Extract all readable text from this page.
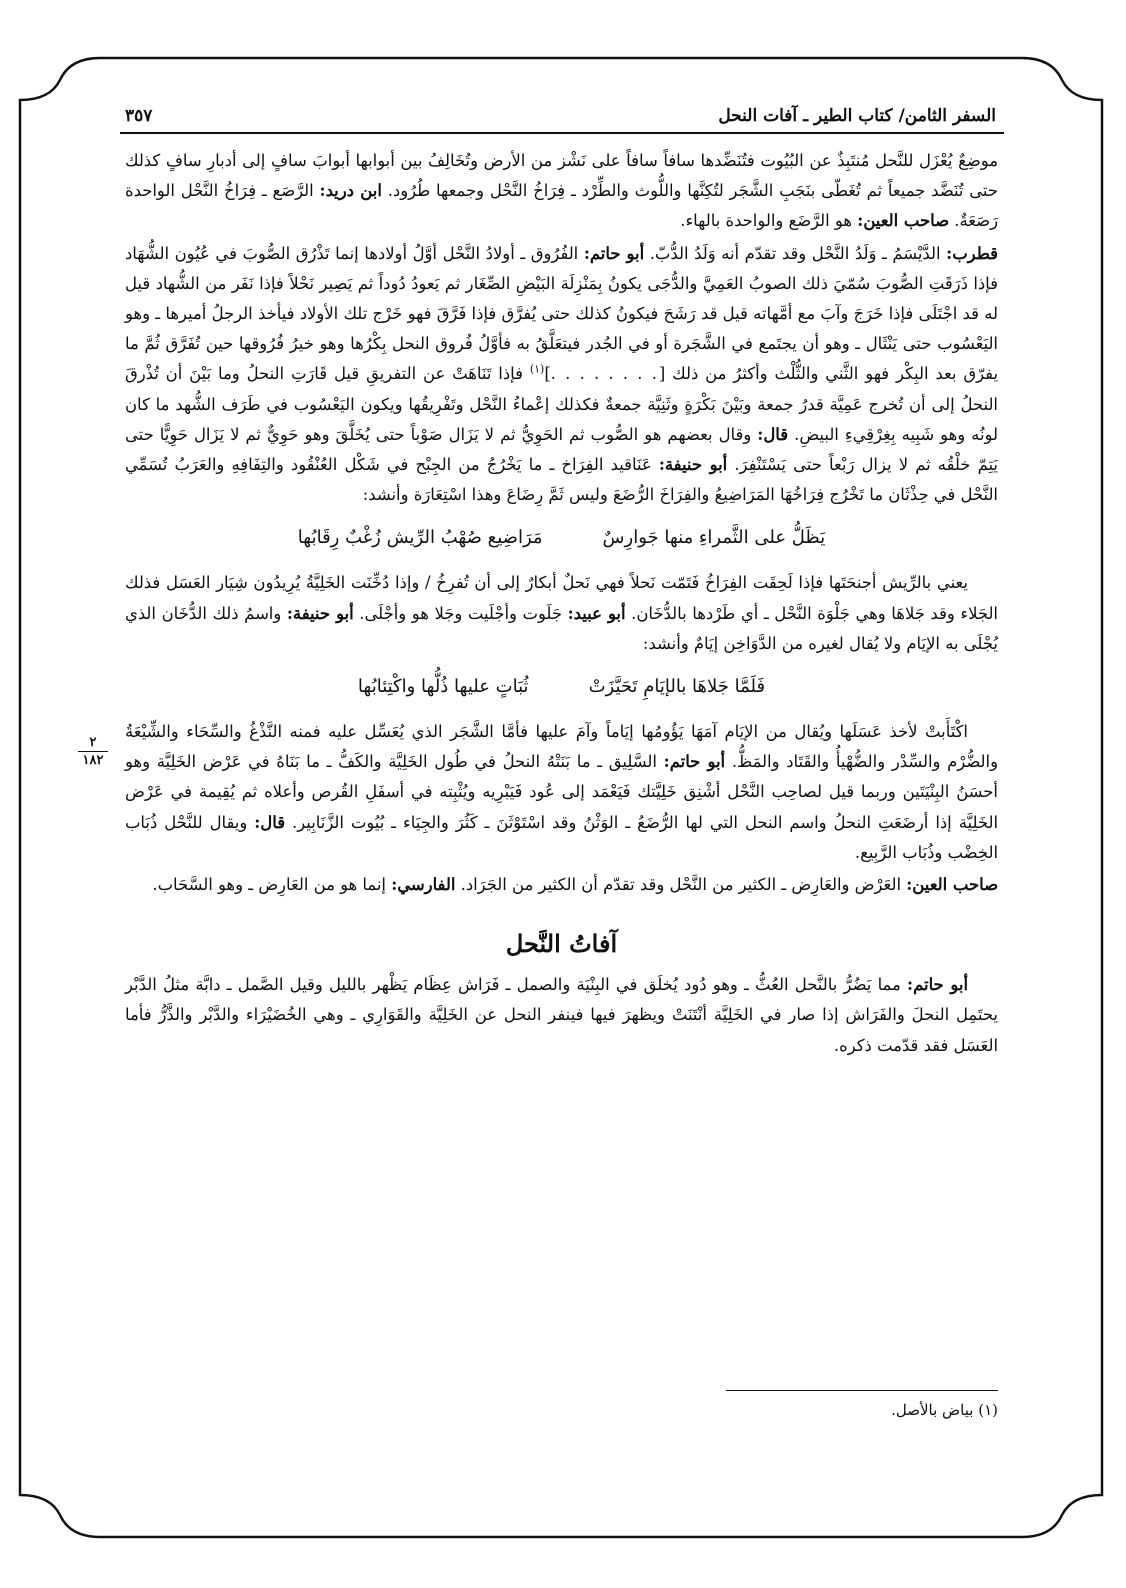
السفر الثامن/ كتاب الطير ـ آفات النحل
٣٥٧
٢
١٨٢

موضِعٌ يُعْزَل للنَّحل مُنتَبِذٌ عن البُيُوت فتُنَضِّدها سافاً سافاً على نَشْز من الأرض وتُخَالِفُ بين أبوابها أبوابَ سافٍ إلى أدبارِ سافٍ كذلك حتى تُنَضَّد جميعاً ثم تُغَطّى بنَجَبِ الشَّجَر لتُكِنَّها واللُّوث والطِّرْد ـ فِرَاخُ النَّحْل وجمعها طُرُود. ابن دريد: الرَّصَع ـ فِرَاخُ النَّحْل الواحدة رَصَعَةٌ. صاحب العين: هو الرَّضَع والواحدة بالهاء.

قطرب: الدَّيْسَمُ ـ وَلَدُ النَّحْل وقد تقدّم أنه وَلَدُ الدُّبّ. أبو حاتم: الفُرُوق ـ أولادُ النَّحْل أوَّلُ أولادها إنما تَذْرُق الصُّوبَ في عُيُون الشُّهَاد فإذا ذَرَقَتِ الصُّوبَ سُمّيَ ذلك الصوبُ العَمِيَّ والدُّجَى يكونُ بِمَنْزِلَة البَيْضِ الصِّغَار ثم يَعودُ دُوداً ثم يَصِير نَحْلاً فإذا نَفَر من الشُّهاد قيل له قد اجْتَلَى فإذا خَرَجَ وآبَ مع أمَّهاته قيل قد رَشَحَ فيكونُ كذلك حتى يُفرَّق فإذا فَرَّقَ فهو خَرْج تلك الأولاد فيأخذ الرجلُ أميرها ـ وهو اليَعْسُوب حتى يَنْثَال ـ وهو أن يجتَمع في الشَّجَرة أو في الجُدر فيتعَلَّقُ به فأوَّلُ فُروق النحل بِكْرُها وهو خيرُ فُرُوقها حين تُفَرَّق ثُمَّ ما يفرّق بعد البِكْر فهو الثَّني والثُّلْث وأكثرُ من ذلك [. . . . . . . .]$^{(١)}$ فإذا تَنَاهَتْ عن التفريقِ قيل قَارَتِ النحلُ وما بَيْنَ أن تُذْرقَ النحلُ إلى أن تُخرج عَمِيَّة قدرُ جمعة وبَيْنَ بَكْرَةٍ وثَنِيَّة جمعةٌ فكذلك إعْماءُ النَّحْل وتَفْرِيقُها ويكون اليَعْسُوب في طَرَف الشُّهد ما كان لونُه وهو شَبِيه بِغِرْقِيءِ البيضِ. قال: وقال بعضهم هو الصُّوب ثم الحَوِيُّ ثم لا يَزَال صَوْباً حتى يُخَلَّقَ وهو حَوِيٌّ ثم لا يَزَال حَوِيًّا حتى يَتِمّ خلْقُه ثم لا يزال رَبْعاً حتى يَسْتَنْفِرَ. أبو حنيفة: عَنَاقيد الفِرَاخ ـ ما يَخْرُجُ من الجِبْح في شَكْل العُنْقُود والتِفَافِهِ والعَرَبُ تُسَمِّي النَّحْل في حِذْثَان ما تَخْرُج فِرَاخُهَا المَرَاضِيعُ والفِرَاخَ الرُّضَعَ وليس ثَمَّ رِضَاعَ وهذا اسْتِعَارَة وأنشد:

يَظَلُّ على الثَّمراءِ منها جَوارِسٌ
مَرَاضِيع صُهْبُ الرِّيش زُغْبٌ رِقَابُها

يعني بالرِّيش أجنحَتَها فإذا لَحِقَت الفِرَاخُ فَتَمّت نَحلاً فهي نَحلٌ أبكارٌ إلى أن تُفرِخُ / وإذا دُخِّنَت الخَلِيَّةُ يُرِيدُون شِيَار العَسَل فذلك الجَلاء وقد جَلاهَا وهي جَلْوَة النَّحْل ـ أي طَرْدها بالدُّخَان. أبو عبيد: جَلَوت وأجْلَيت وجَلا هو وأجْلَى. أبو حنيفة: واسمُ ذلك الدُّخَان الذي يُجْلَى به الإيَام ولا يُقال لغيره من الدَّوَاخِن إيَامٌ وأنشد:

فَلَمَّا جَلاهَا بالإيَامِ تَحَيَّزَتْ
ثُبَاتٍ عليها ذُلُّها واكْتِئابُها

اكْتَأَبتْ لأخذ عَسَلَها ويُقال من الإيَام آمَهَا يَؤُومُها إيَاماً وآمَ عليها فأمَّا الشَّجَر الذي يُعَسِّل عليه فمنه النَّذْغُ والسِّحَاء والشِّيْعَةُ والضُّرْم والسِّدْر والضُّهْيأُ والقَتَاد والمَظُّ. أبو حاتم: السَّلِيق ـ ما بَنَتْهُ النحلُ في طُول الخَلِيَّة والكَفُّ ـ ما بَنَاهُ في عَرْض الخَلِيَّة وهو أحسَنُ البِنْيَتَين وربما قيل لصاحِب النَّحْل أشْنِق خَلِيَّتك فَيَعْمَد إلى عُود فَيَبْرِيه ويُثْبِته في أسفَلِ القُرص وأعلاه ثم يُقِيمة في عَرْض الخَلِيَّة إذا أرضَعَتِ النحلُ واسم النحل التي لها الرُّضَعُ ـ الوَثْنُ وقد اسْتَوْثَنَ ـ كَثُرَ والجِيَاء ـ بُيُوت الزَّنَابِير. قال: ويقال للنَّحْل ذُبَاب الخِضْب وذُبَاب الرَّبِيع.

صاحب العين: العَرْض والعَارِض ـ الكثير من النَّحْل وقد تقدّم أن الكثير من الجَرَاد. الفارسي: إنما هو من العَارِض ـ وهو السَّحَاب.

آفاتُ النَّحل

أبو حاتم: مما يَضُرُّ بالنَّحل العُثُّ ـ وهو دُود يُخلَق في البِنْيَة والصمل ـ فَرَاش عِظَام يَظْهر بالليل وقيل الصَّمل ـ دابَّة مثلُ الدَّبْر يحتَمِل النحلَ والفَرَاش إذا صار في الخَلِيَّة أنْتَنَتْ ويظهرَ فيها فينفر النحل عن الخَلِيَّة والقَوَارِي ـ وهي الخُضَيْرَاء والدَّبْر والذَّرُّ فأما العَسَل فقد قدّمت ذكره.

(١) بياض بالأصل.
